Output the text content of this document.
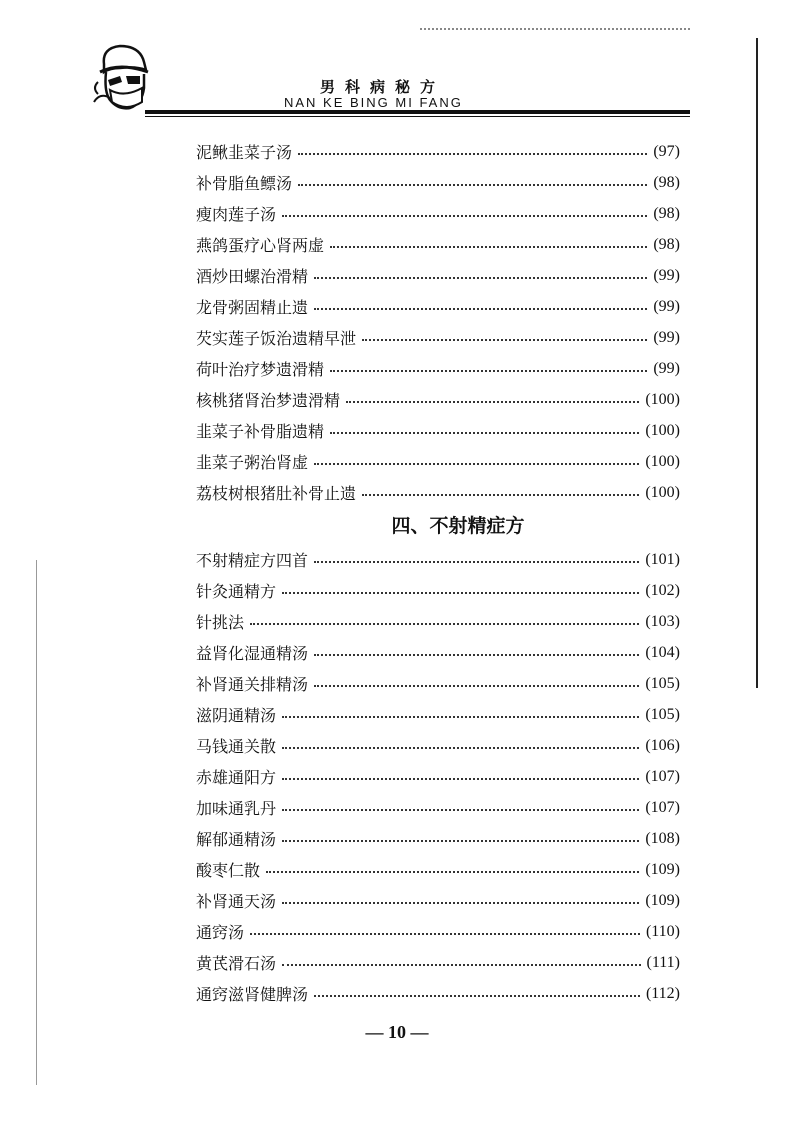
男科病秘方
NAN KE BING MI FANG
泥鳅韭菜子汤	(97)
补骨脂鱼鳔汤	(98)
瘦肉莲子汤	(98)
燕鸽蛋疗心肾两虚	(98)
酒炒田螺治滑精	(99)
龙骨粥固精止遗	(99)
芡实莲子饭治遗精早泄	(99)
荷叶治疗梦遗滑精	(99)
核桃猪肾治梦遗滑精	(100)
韭菜子补骨脂遗精	(100)
韭菜子粥治肾虚	(100)
荔枝树根猪肚补骨止遗	(100)
四、不射精症方
不射精症方四首	(101)
针灸通精方	(102)
针挑法	(103)
益肾化湿通精汤	(104)
补肾通关排精汤	(105)
滋阴通精汤	(105)
马钱通关散	(106)
赤雄通阳方	(107)
加味通乳丹	(107)
解郁通精汤	(108)
酸枣仁散	(109)
补肾通天汤	(109)
通窍汤	(110)
黄芪滑石汤	(111)
通窍滋肾健脾汤	(112)
— 10 —
